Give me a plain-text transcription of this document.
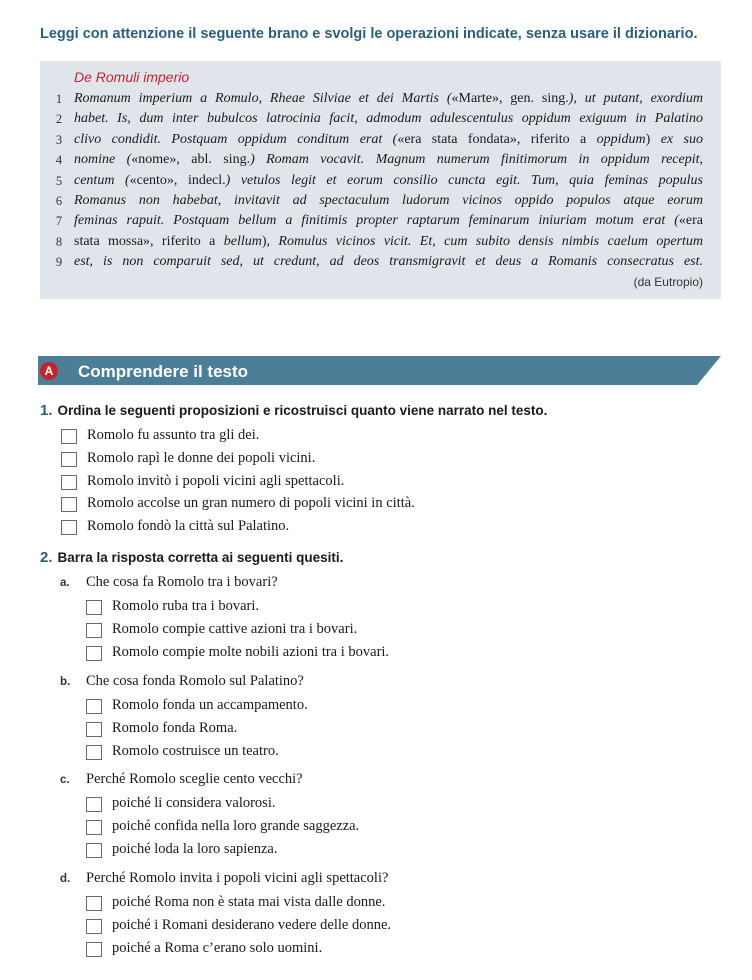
Leggi con attenzione il seguente brano e svolgi le operazioni indicate, senza usare il dizionario.
De Romuli imperio
1 Romanum imperium a Romulo, Rheae Silviae et dei Martis («Marte», gen. sing.), ut putant, exordium
2 habet. Is, dum inter bubulcos latrocinia facit, admodum adulescentulus oppidum exiguum in Palatino
3 clivo condidit. Postquam oppidum conditum erat («era stata fondata», riferito a oppidum) ex suo
4 nomine («nome», abl. sing.) Romam vocavit. Magnum numerum finitimorum in oppidum recepit,
5 centum («cento», indecl.) vetulos legit et eorum consilio cuncta egit. Tum, quia feminas populus
6 Romanus non habebat, invitavit ad spectaculum ludorum vicinos oppido populos atque eorum
7 feminas rapuit. Postquam bellum a finitimis propter raptarum feminarum iniuriam motum erat («era
8 stata mossa», riferito a bellum), Romulus vicinos vicit. Et, cum subito densis nimbis caelum opertum
9 est, is non comparuit sed, ut credunt, ad deos transmigravit et deus a Romanis consecratus est.
(da Eutropio)
A Comprendere il testo
1. Ordina le seguenti proposizioni e ricostruisci quanto viene narrato nel testo.
Romolo fu assunto tra gli dei.
Romolo rapì le donne dei popoli vicini.
Romolo invitò i popoli vicini agli spettacoli.
Romolo accolse un gran numero di popoli vicini in città.
Romolo fondò la città sul Palatino.
2. Barra la risposta corretta ai seguenti quesiti.
a. Che cosa fa Romolo tra i bovari?
Romolo ruba tra i bovari.
Romolo compie cattive azioni tra i bovari.
Romolo compie molte nobili azioni tra i bovari.
b. Che cosa fonda Romolo sul Palatino?
Romolo fonda un accampamento.
Romolo fonda Roma.
Romolo costruisce un teatro.
c. Perché Romolo sceglie cento vecchi?
poiché li considera valorosi.
poiché confida nella loro grande saggezza.
poiché loda la loro sapienza.
d. Perché Romolo invita i popoli vicini agli spettacoli?
poiché Roma non è stata mai vista dalle donne.
poiché i Romani desiderano vedere delle donne.
poiché a Roma c’erano solo uomini.
